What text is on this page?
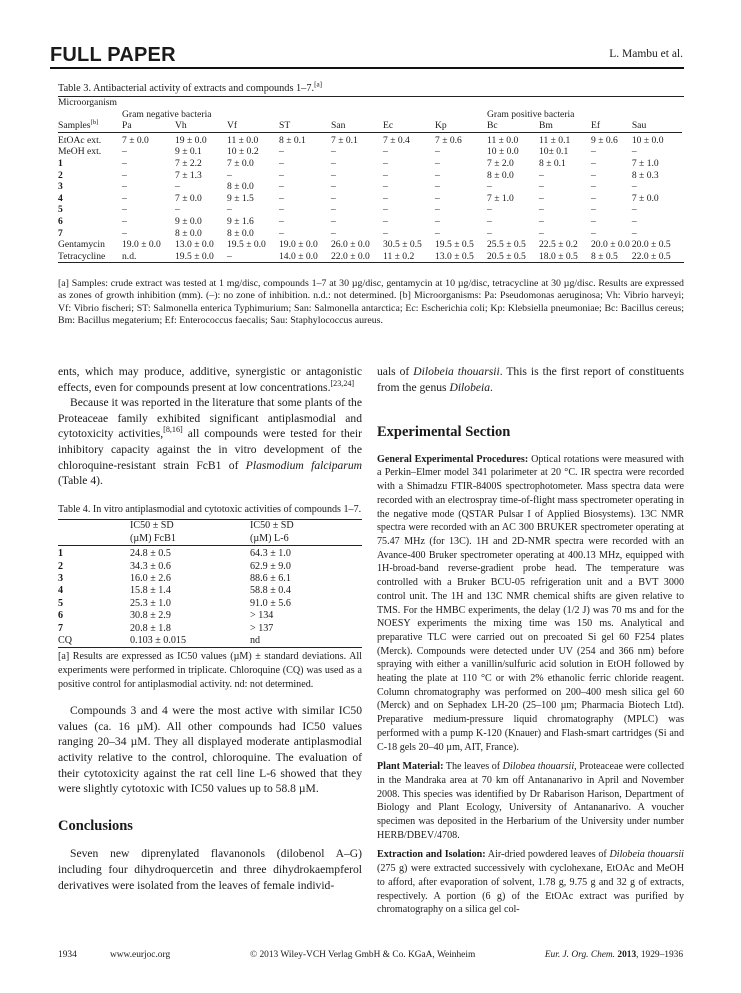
FULL PAPER	L. Mambu et al.
Table 3. Antibacterial activity of extracts and compounds 1–7.[a]
Microorganism											
	Gram negative bacteria							Gram positive bacteria			
Samples[b]	Pa	Vh	Vf	ST	San	Ec	Kp	Bc	Bm	Ef	Sau

EtOAc ext.	7 ± 0.0	19 ± 0.0	11 ± 0.0	8 ± 0.1	7 ± 0.1	7 ± 0.4	7 ± 0.6	11 ± 0.0	11 ± 0.1	9 ± 0.6	10 ± 0.0
MeOH ext.	–	9 ± 0.1	10 ± 0.2	–	–	–	–	10 ± 0.0	10± 0.1	–	–
1	–	7 ± 2.2	7 ± 0.0	–	–	–	–	7 ± 2.0	8 ± 0.1	–	7 ± 1.0
2	–	7 ± 1.3	–	–	–	–	–	8 ± 0.0	–	–	8 ± 0.3
3	–	–	8 ± 0.0	–	–	–	–	–	–	–	–
4	–	7 ± 0.0	9 ± 1.5	–	–	–	–	7 ± 1.0	–	–	7 ± 0.0
5	–	–	–	–	–	–	–	–	–	–	–
6	–	9 ± 0.0	9 ± 1.6	–	–	–	–	–	–	–	–
7	–	8 ± 0.0	8 ± 0.0	–	–	–	–	–	–	–	–
Gentamycin	19.0 ± 0.0	13.0 ± 0.0	19.5 ± 0.0	19.0 ± 0.0	26.0 ± 0.0	30.5 ± 0.5	19.5 ± 0.5	25.5 ± 0.5	22.5 ± 0.2	20.0 ± 0.0	20.0 ± 0.5
Tetracycline	n.d.	19.5 ± 0.0	–	14.0 ± 0.0	22.0 ± 0.0	11 ± 0.2	13.0 ± 0.5	20.5 ± 0.5	18.0 ± 0.5	8 ± 0.5	22.0 ± 0.5
[a] Samples: crude extract was tested at 1 mg/disc, compounds 1–7 at 30 µg/disc, gentamycin at 10 µg/disc, tetracycline at 30 µg/disc. Results are expressed as zones of growth inhibition (mm). (–): no zone of inhibition. n.d.: not determined. [b] Microorganisms: Pa: Pseudomonas aeruginosa; Vh: Vibrio harveyi; Vf: Vibrio fischeri; ST: Salmonella enterica Typhimurium; San: Salmonella antarctica; Ec: Escherichia coli; Kp: Klebsiella pneumoniae; Bc: Bacillus cereus; Bm: Bacillus megaterium; Ef: Enterococcus faecalis; Sau: Staphylococcus aureus.
ents, which may produce, additive, synergistic or antagonistic effects, even for compounds present at low concentrations.[23,24]
Because it was reported in the literature that some plants of the Proteaceae family exhibited significant antiplasmodial and cytotoxicity activities,[8,16] all compounds were tested for their inhibitory capacity against the in vitro development of the chloroquine-resistant strain FcB1 of Plasmodium falciparum (Table 4).
Table 4. In vitro antiplasmodial and cytotoxic activities of compounds 1–7.
	IC50 ± SD	IC50 ± SD
	(µM) FcB1	(µM) L-6

1	24.8 ± 0.5	64.3 ± 1.0
2	34.3 ± 0.6	62.9 ± 9.0
3	16.0 ± 2.6	88.6 ± 6.1
4	15.8 ± 1.4	58.8 ± 0.4
5	25.3 ± 1.0	91.0 ± 5.6
6	30.8 ± 2.9	> 134
7	20.8 ± 1.8	> 137
CQ	0.103 ± 0.015	nd
[a] Results are expressed as IC50 values (µM) ± standard deviations. All experiments were performed in triplicate. Chloroquine (CQ) was used as a positive control for antiplasmodial activity. nd: not determined.
Compounds 3 and 4 were the most active with similar IC50 values (ca. 16 µM). All other compounds had IC50 values ranging 20–34 µM. They all displayed moderate antiplasmodial activity relative to the control, chloroquine. The evaluation of their cytotoxicity against the rat cell line L-6 showed that they were slightly cytotoxic with IC50 values up to 58.8 µM.
Conclusions
Seven new diprenylated flavanonols (dilobenol A–G) including four dihydroquercetin and three dihydrokaempferol derivatives were isolated from the leaves of female individ-
uals of Dilobeia thouarsii. This is the first report of constituents from the genus Dilobeia.
Experimental Section

General Experimental Procedures: Optical rotations were measured with a Perkin–Elmer model 341 polarimeter at 20 °C. IR spectra were recorded with a Shimadzu FTIR-8400S spectrophotometer. Mass spectra data were recorded with an electrospray time-of-flight mass spectrometer operating in the negative mode (QSTAR Pulsar I of Applied Biosystems). 13C NMR spectra were recorded with an AC 300 BRUKER spectrometer operating at 75.47 MHz (for 13C). 1H and 2D-NMR spectra were recorded with an Avance-400 Bruker spectrometer operating at 400.13 MHz, equipped with 1H-broad-band reverse-gradient probe head. The temperature was controlled with a Bruker BCU-05 refrigeration unit and a BVT 3000 control unit. The 1H and 13C NMR chemical shifts are given relative to TMS. For the HMBC experiments, the delay (1/2 J) was 70 ms and for the NOESY experiments the mixing time was 150 ms. Analytical and preparative TLC were carried out on precoated Si gel 60 F254 plates (Merck). Compounds were detected under UV (254 and 366 nm) before spraying with either a vanillin/sulfuric acid solution in EtOH followed by heating the plate at 110 °C or with 2% ethanolic ferric chloride reagent. Column chromatography was performed on 200–400 mesh silica gel 60 (Merck) and on Sephadex LH-20 (25–100 µm; Pharmacia Biotech Ltd). Preparative medium-pressure liquid chromatography (MPLC) was performed with a pump K-120 (Knauer) and Flash-smart cartridges (Si and C-18 gels 20–40 µm, AIT, France).

Plant Material: The leaves of Dilobea thouarsii, Proteaceae were collected in the Mandraka area at 70 km off Antananarivo in April and November 2008. This species was identified by Dr Rabarison Harison, Department of Biology and Plant Ecology, University of Antananarivo. A voucher specimen was deposited in the Herbarium of the University under number HERB/DBEV/4708.

Extraction and Isolation: Air-dried powdered leaves of Dilobeia thouarsii (275 g) were extracted successively with cyclohexane, EtOAc and MeOH to afford, after evaporation of solvent, 1.78 g, 9.75 g and 32 g of extracts, respectively. A portion (6 g) of the EtOAc extract was purified by chromatography on a silica gel col-

1934	www.eurjoc.org	© 2013 Wiley-VCH Verlag GmbH & Co. KGaA, Weinheim	Eur. J. Org. Chem. 2013, 1929–1936
